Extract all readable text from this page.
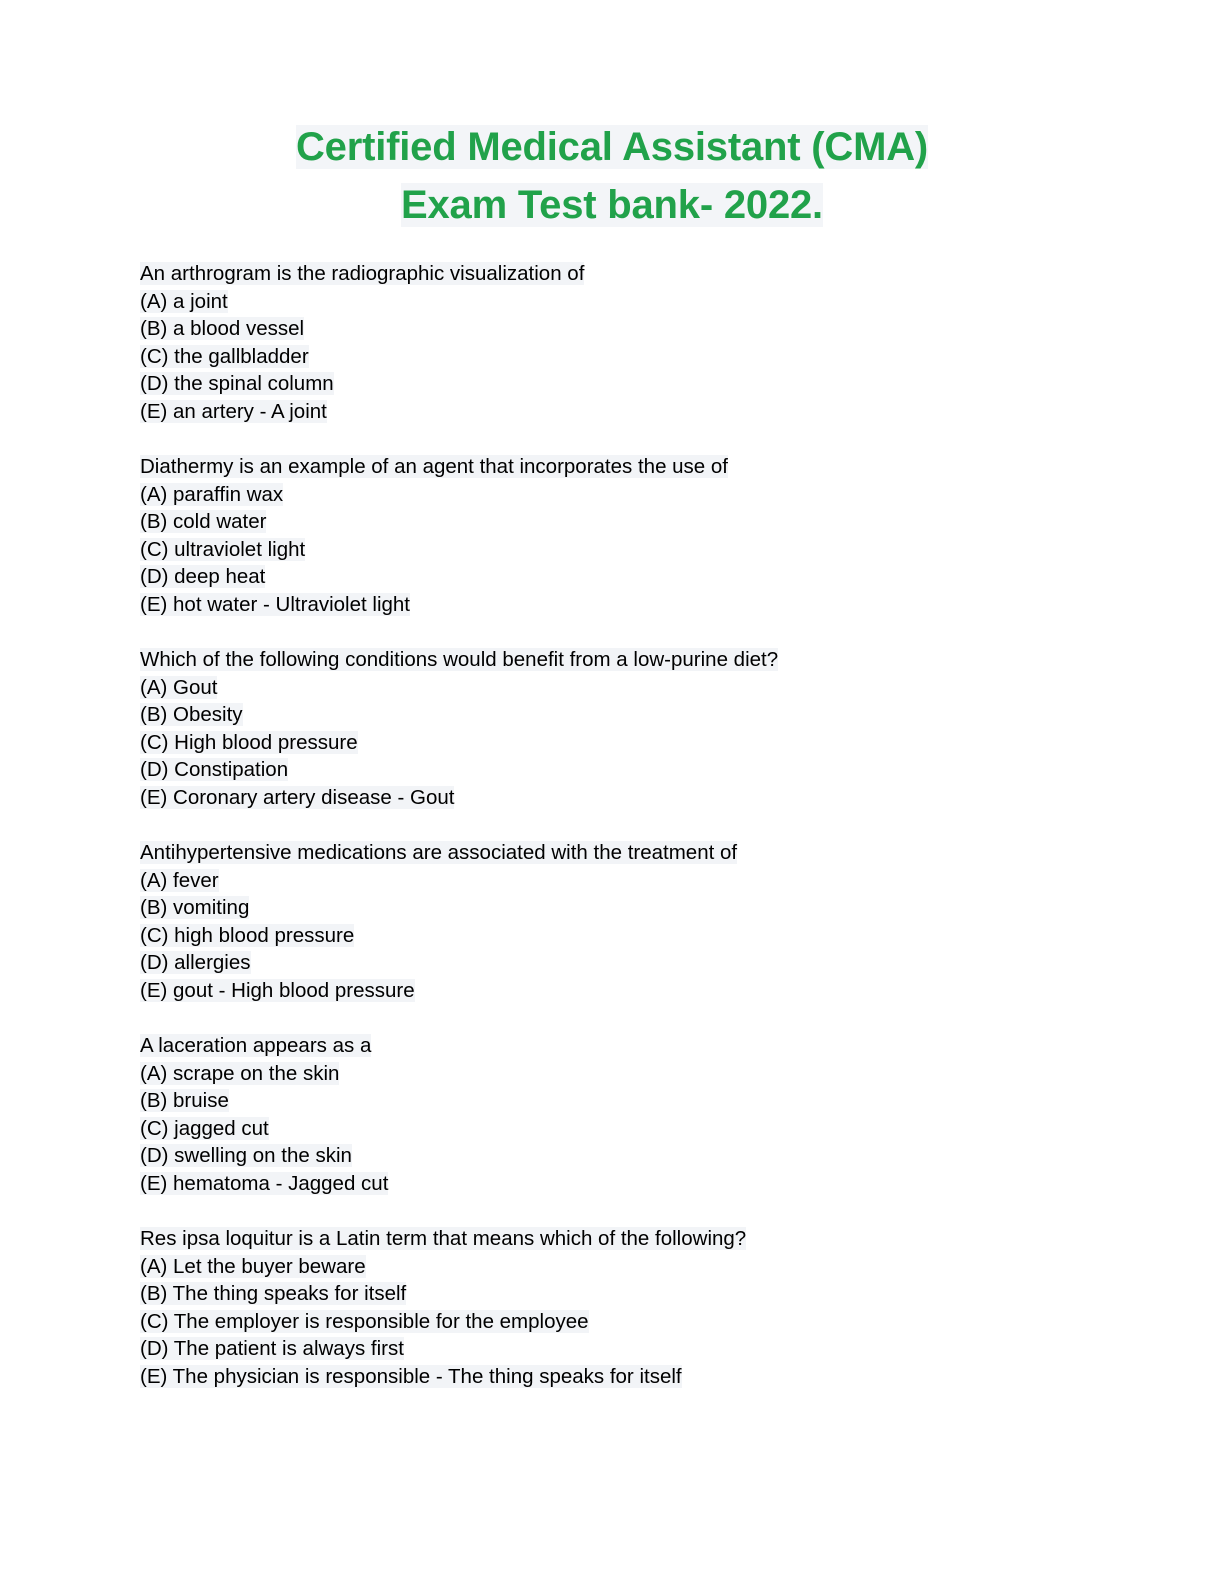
Certified Medical Assistant (CMA)
Exam Test bank- 2022.
An arthrogram is the radiographic visualization of
(A) a joint
(B) a blood vessel
(C) the gallbladder
(D) the spinal column
(E) an artery - A joint
Diathermy is an example of an agent that incorporates the use of
(A) paraffin wax
(B) cold water
(C) ultraviolet light
(D) deep heat
(E) hot water - Ultraviolet light
Which of the following conditions would benefit from a low-purine diet?
(A) Gout
(B) Obesity
(C) High blood pressure
(D) Constipation
(E) Coronary artery disease - Gout
Antihypertensive medications are associated with the treatment of
(A) fever
(B) vomiting
(C) high blood pressure
(D) allergies
(E) gout - High blood pressure
A laceration appears as a
(A) scrape on the skin
(B) bruise
(C) jagged cut
(D) swelling on the skin
(E) hematoma - Jagged cut
Res ipsa loquitur is a Latin term that means which of the following?
(A) Let the buyer beware
(B) The thing speaks for itself
(C) The employer is responsible for the employee
(D) The patient is always first
(E) The physician is responsible - The thing speaks for itself
